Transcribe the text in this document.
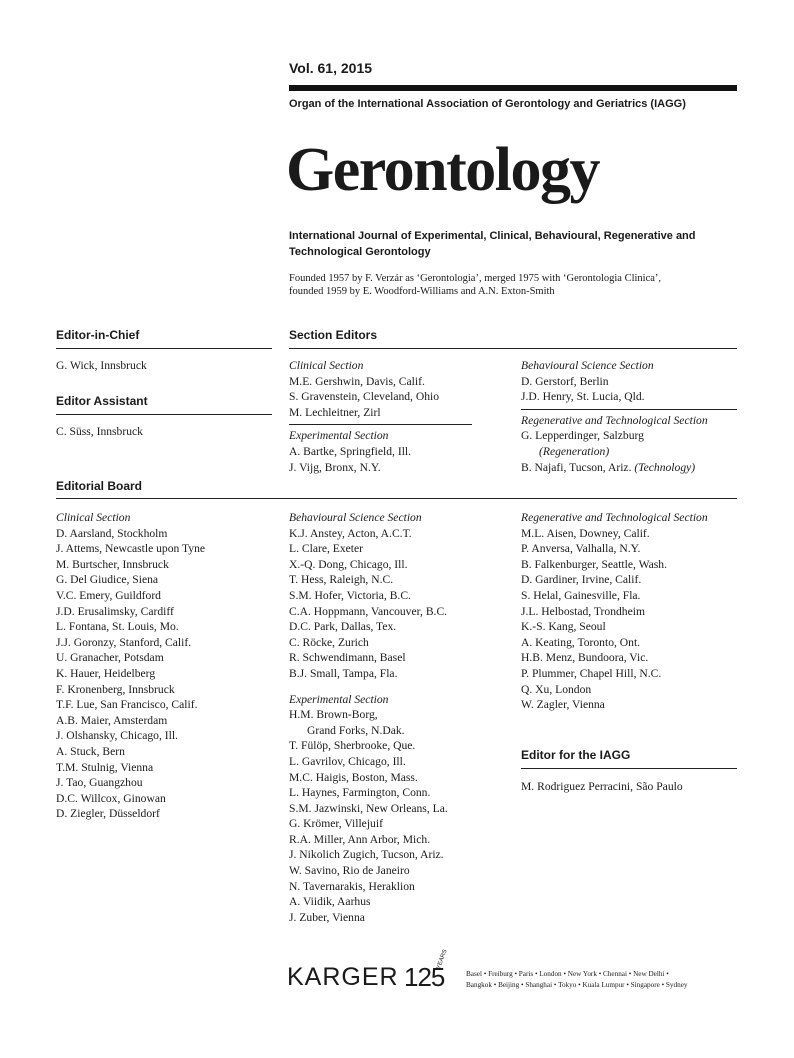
Vol. 61, 2015
Organ of the International Association of Gerontology and Geriatrics (IAGG)
Gerontology
International Journal of Experimental, Clinical, Behavioural, Regenerative and Technological Gerontology
Founded 1957 by F. Verzár as ‘Gerontologia’, merged 1975 with ‘Gerontologia Clinica’,
founded 1959 by E. Woodford-Williams and A.N. Exton-Smith
Editor-in-Chief
G. Wick, Innsbruck
Editor Assistant
C. Süss, Innsbruck
Section Editors
Clinical Section
M.E. Gershwin, Davis, Calif.
S. Gravenstein, Cleveland, Ohio
M. Lechleitner, Zirl
Experimental Section
A. Bartke, Springfield, Ill.
J. Vijg, Bronx, N.Y.
Behavioural Science Section
D. Gerstorf, Berlin
J.D. Henry, St. Lucia, Qld.
Regenerative and Technological Section
G. Lepperdinger, Salzburg
(Regeneration)
B. Najafi, Tucson, Ariz. (Technology)
Editorial Board
Clinical Section
D. Aarsland, Stockholm
J. Attems, Newcastle upon Tyne
M. Burtscher, Innsbruck
G. Del Giudice, Siena
V.C. Emery, Guildford
J.D. Erusalimsky, Cardiff
L. Fontana, St. Louis, Mo.
J.J. Goronzy, Stanford, Calif.
U. Granacher, Potsdam
K. Hauer, Heidelberg
F. Kronenberg, Innsbruck
T.F. Lue, San Francisco, Calif.
A.B. Maier, Amsterdam
J. Olshansky, Chicago, Ill.
A. Stuck, Bern
T.M. Stulnig, Vienna
J. Tao, Guangzhou
D.C. Willcox, Ginowan
D. Ziegler, Düsseldorf
Behavioural Science Section
K.J. Anstey, Acton, A.C.T.
L. Clare, Exeter
X.-Q. Dong, Chicago, Ill.
T. Hess, Raleigh, N.C.
S.M. Hofer, Victoria, B.C.
C.A. Hoppmann, Vancouver, B.C.
D.C. Park, Dallas, Tex.
C. Röcke, Zurich
R. Schwendimann, Basel
B.J. Small, Tampa, Fla.
Experimental Section
H.M. Brown-Borg,
Grand Forks, N.Dak.
T. Fülöp, Sherbrooke, Que.
L. Gavrilov, Chicago, Ill.
M.C. Haigis, Boston, Mass.
L. Haynes, Farmington, Conn.
S.M. Jazwinski, New Orleans, La.
G. Krömer, Villejuif
R.A. Miller, Ann Arbor, Mich.
J. Nikolich Zugich, Tucson, Ariz.
W. Savino, Rio de Janeiro
N. Tavernarakis, Heraklion
A. Viidik, Aarhus
J. Zuber, Vienna
Regenerative and Technological Section
M.L. Aisen, Downey, Calif.
P. Anversa, Valhalla, N.Y.
B. Falkenburger, Seattle, Wash.
D. Gardiner, Irvine, Calif.
S. Helal, Gainesville, Fla.
J.L. Helbostad, Trondheim
K.-S. Kang, Seoul
A. Keating, Toronto, Ont.
H.B. Menz, Bundoora, Vic.
P. Plummer, Chapel Hill, N.C.
Q. Xu, London
W. Zagler, Vienna
Editor for the IAGG
M. Rodriguez Perracini, São Paulo
KARGER 125
YEARS
Basel • Freiburg • Paris • London • New York • Chennai • New Delhi •
Bangkok • Beijing • Shanghai • Tokyo • Kuala Lumpur • Singapore • Sydney
